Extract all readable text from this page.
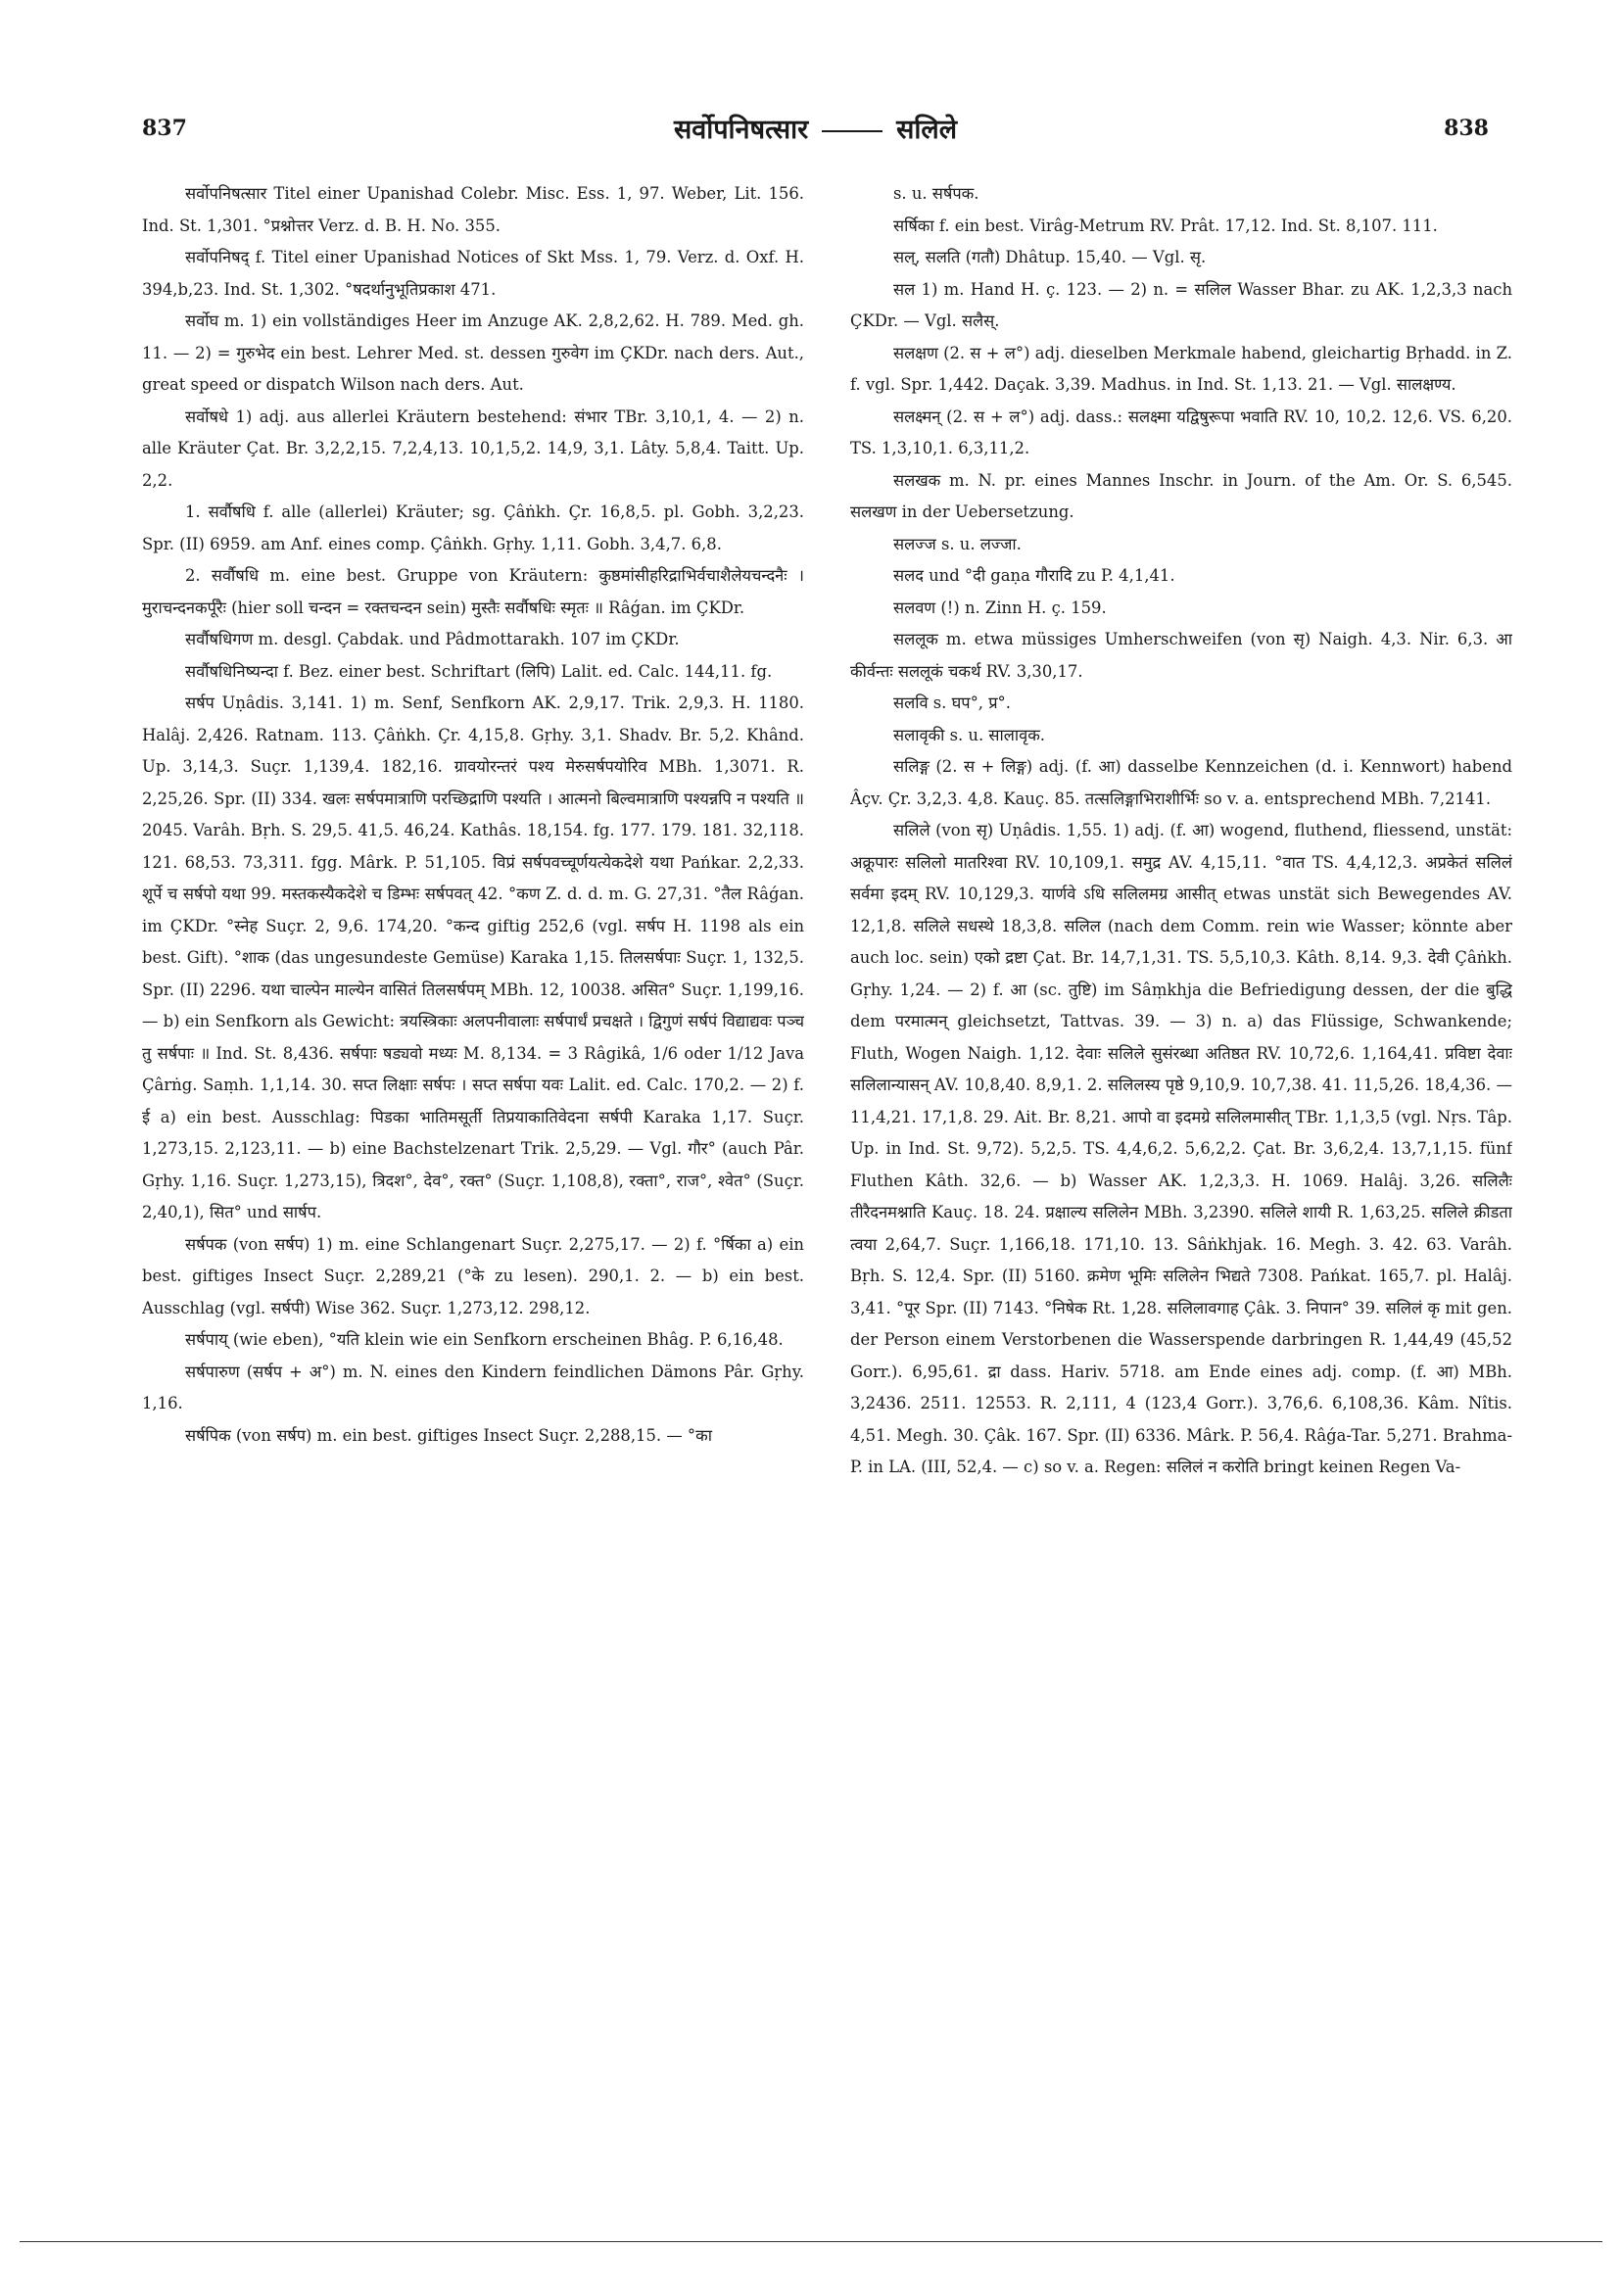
837	सर्वोपनिषत्सार	सलिले	838

सर्वोपनिषत्सार Titel einer Upanishad Colebr. Misc. Ess. 1, 97. Weber, Lit. 156. Ind. St. 1,301. °प्रश्नोत्तर Verz. d. B. H. No. 355.

सर्वोपनिषद् f. Titel einer Upanishad Notices of Skt Mss. 1, 79. Verz. d. Oxf. H. 394,b,23. Ind. St. 1,302. °षदर्थानुभूतिप्रकाश 471.

सर्वोघ m. 1) ein vollständiges Heer im Anzuge AK. 2,8,2,62. H. 789. Med. gh. 11. — 2) = गुरुभेद ein best. Lehrer Med. st. dessen गुरुवेग im ÇKDr. nach ders. Aut., great speed or dispatch Wilson nach ders. Aut.

सर्वोषधे 1) adj. aus allerlei Kräutern bestehend: संभार TBr. 3,10,1, 4. — 2) n. alle Kräuter Çat. Br. 3,2,2,15. 7,2,4,13. 10,1,5,2. 14,9, 3,1. Lâty. 5,8,4. Taitt. Up. 2,2.

1. सर्वौषधि f. alle (allerlei) Kräuter; sg. Çâṅkh. Çr. 16,8,5. pl. Gobh. 3,2,23. Spr. (II) 6959. am Anf. eines comp. Çâṅkh. Gṛhy. 1,11. Gobh. 3,4,7. 6,8.

2. सर्वौषधि m. eine best. Gruppe von Kräutern: कुष्ठमांसीहरिद्राभिर्वचाशैलेयचन्दनैः । मुराचन्दनकर्पूरैः (hier soll चन्दन = रक्तचन्दन sein) मुस्तैः सर्वौषधिः स्मृतः ॥ Râǵan. im ÇKDr.

सर्वौषधिगण m. desgl. Çabdak. und Pâdmottarakh. 107 im ÇKDr.

सर्वौषधिनिष्यन्दा f. Bez. einer best. Schriftart (लिपि) Lalit. ed. Calc. 144,11. fg.

सर्षप Uṇâdis. 3,141. 1) m. Senf, Senfkorn AK. 2,9,17. Trik. 2,9,3. H. 1180. Halâj. 2,426. Ratnam. 113. Çâṅkh. Çr. 4,15,8. Gṛhy. 3,1. Shadv. Br. 5,2. Khând. Up. 3,14,3. Suçr. 1,139,4. 182,16. ग्रावयोरन्तरं पश्य मेरुसर्षपयोरिव MBh. 1,3071. R. 2,25,26. Spr. (II) 334. खलः सर्षपमात्राणि परच्छिद्राणि पश्यति । आत्मनो बिल्वमात्राणि पश्यन्नपि न पश्यति ॥ 2045. Varâh. Bṛh. S. 29,5. 41,5. 46,24. Kathâs. 18,154. fg. 177. 179. 181. 32,118. 121. 68,53. 73,311. fgg. Mârk. P. 51,105. विप्रं सर्षपवच्चूर्णयत्येकदेशे यथा Pańkar. 2,2,33. शूर्पे च सर्षपो यथा 99. मस्तकस्यैकदेशे च डिम्भः सर्षपवत् 42. °कण Z. d. d. m. G. 27,31. °तैल Râǵan. im ÇKDr. °स्नेह Suçr. 2, 9,6. 174,20. °कन्द giftig 252,6 (vgl. सर्षप H. 1198 als ein best. Gift). °शाक (das ungesundeste Gemüse) Karaka 1,15. तिलसर्षपाः Suçr. 1, 132,5. Spr. (II) 2296. यथा चाल्पेन माल्येन वासितं तिलसर्षपम् MBh. 12, 10038. असित° Suçr. 1,199,16. — b) ein Senfkorn als Gewicht: त्रयस्त्रिकाः अलपनीवालाः सर्षपार्धं प्रचक्षते । द्विगुणं सर्षपं विद्याद्यवः पञ्च तु सर्षपाः ॥ Ind. St. 8,436. सर्षपाः षड्यवो मध्यः M. 8,134. = 3 Râgikâ, 1/6 oder 1/12 Java Çârṅg. Saṃh. 1,1,14. 30. सप्त लिक्षाः सर्षपः । सप्त सर्षपा यवः Lalit. ed. Calc. 170,2. — 2) f. ई a) ein best. Ausschlag: पिडका भातिमसूर्ती तिप्रयाकातिवेदना सर्षपी Karaka 1,17. Suçr. 1,273,15. 2,123,11. — b) eine Bachstelzenart Trik. 2,5,29. — Vgl. गौर° (auch Pâr. Gṛhy. 1,16. Suçr. 1,273,15), त्रिदश°, देव°, रक्त° (Suçr. 1,108,8), रक्ता°, राज°, श्वेत° (Suçr. 2,40,1), सित° und सार्षप.

सर्षपक (von सर्षप) 1) m. eine Schlangenart Suçr. 2,275,17. — 2) f. °र्षिका a) ein best. giftiges Insect Suçr. 2,289,21 (°के zu lesen). 290,1. 2. — b) ein best. Ausschlag (vgl. सर्षपी) Wise 362. Suçr. 1,273,12. 298,12.

सर्षपाय् (wie eben), °यति klein wie ein Senfkorn erscheinen Bhâg. P. 6,16,48.

सर्षपारुण (सर्षप + अ°) m. N. eines den Kindern feindlichen Dämons Pâr. Gṛhy. 1,16.

सर्षपिक (von सर्षप) m. ein best. giftiges Insect Suçr. 2,288,15. — °का

s. u. सर्षपक.

सर्षिका f. ein best. Virâg-Metrum RV. Prât. 17,12. Ind. St. 8,107. 111.

सल्, सलति (गतौ) Dhâtup. 15,40. — Vgl. सृ.

सल 1) m. Hand H. ç. 123. — 2) n. = सलिल Wasser Bhar. zu AK. 1,2,3,3 nach ÇKDr. — Vgl. सलैस्.

सलक्षण (2. स + ल°) adj. dieselben Merkmale habend, gleichartig Bṛhadd. in Z. f. vgl. Spr. 1,442. Daçak. 3,39. Madhus. in Ind. St. 1,13. 21. — Vgl. सालक्षण्य.

सलक्ष्मन् (2. स + ल°) adj. dass.: सलक्ष्मा यद्विषुरूपा भवाति RV. 10, 10,2. 12,6. VS. 6,20. TS. 1,3,10,1. 6,3,11,2.

सलखक m. N. pr. eines Mannes Inschr. in Journ. of the Am. Or. S. 6,545. सलखण in der Uebersetzung.

सलज्ज s. u. लज्जा.

सलद und °दी gaṇa गौरादि zu P. 4,1,41.

सलवण (!) n. Zinn H. ç. 159.

सललूक m. etwa müssiges Umherschweifen (von सृ) Naigh. 4,3. Nir. 6,3. आ कीर्वन्तः सललूकं चकर्थ RV. 3,30,17.

सलवि s. घप°, प्र°.

सलावृकी s. u. सालावृक.

सलिङ्ग (2. स + लिङ्ग) adj. (f. आ) dasselbe Kennzeichen (d. i. Kennwort) habend Âçv. Çr. 3,2,3. 4,8. Kauç. 85. तत्सलिङ्गाभिराशीर्भिः so v. a. entsprechend MBh. 7,2141.

सलिले (von सृ) Uṇâdis. 1,55. 1) adj. (f. आ) wogend, fluthend, fliessend, unstät: अक्रूपारः सलिलो मातरिश्वा RV. 10,109,1. समुद्र AV. 4,15,11. °वात TS. 4,4,12,3. अप्रकेतं सलिलं सर्वमा इदम् RV. 10,129,3. यार्णवे ऽधि सलिलमग्र आसीत् etwas unstät sich Bewegendes AV. 12,1,8. सलिले सधस्थे 18,3,8. सलिल (nach dem Comm. rein wie Wasser; könnte aber auch loc. sein) एको द्रष्टा Çat. Br. 14,7,1,31. TS. 5,5,10,3. Kâth. 8,14. 9,3. देवी Çâṅkh. Gṛhy. 1,24. — 2) f. आ (sc. तुष्टि) im Sâṃkhja die Befriedigung dessen, der die बुद्धि dem परमात्मन् gleichsetzt, Tattvas. 39. — 3) n. a) das Flüssige, Schwankende; Fluth, Wogen Naigh. 1,12. देवाः सलिले सुसंरब्धा अतिष्ठत RV. 10,72,6. 1,164,41. प्रविष्टा देवाः सलिलान्यासन् AV. 10,8,40. 8,9,1. 2. सलिलस्य पृष्ठे 9,10,9. 10,7,38. 41. 11,5,26. 18,4,36. — 11,4,21. 17,1,8. 29. Ait. Br. 8,21. आपो वा इदमग्रे सलिलमासीत् TBr. 1,1,3,5 (vgl. Nṛs. Tâp. Up. in Ind. St. 9,72). 5,2,5. TS. 4,4,6,2. 5,6,2,2. Çat. Br. 3,6,2,4. 13,7,1,15. fünf Fluthen Kâth. 32,6. — b) Wasser AK. 1,2,3,3. H. 1069. Halâj. 3,26. सलिलैः तीरैदनमश्नाति Kauç. 18. 24. प्रक्षाल्य सलिलेन MBh. 3,2390. सलिले शायी R. 1,63,25. सलिले क्रीडता त्वया 2,64,7. Suçr. 1,166,18. 171,10. 13. Sâṅkhjak. 16. Megh. 3. 42. 63. Varâh. Bṛh. S. 12,4. Spr. (II) 5160. क्रमेण भूमिः सलिलेन भिद्यते 7308. Pańkat. 165,7. pl. Halâj. 3,41. °पूर Spr. (II) 7143. °निषेक Rt. 1,28. सलिलावगाह Çâk. 3. निपान° 39. सलिलं कृ mit gen. der Person einem Verstorbenen die Wasserspende darbringen R. 1,44,49 (45,52 Gorr.). 6,95,61. द्रा dass. Hariv. 5718. am Ende eines adj. comp. (f. आ) MBh. 3,2436. 2511. 12553. R. 2,111, 4 (123,4 Gorr.). 3,76,6. 6,108,36. Kâm. Nîtis. 4,51. Megh. 30. Çâk. 167. Spr. (II) 6336. Mârk. P. 56,4. Râǵa-Tar. 5,271. Brahma-P. in LA. (III, 52,4. — c) so v. a. Regen: सलिलं न करोति bringt keinen Regen Va-
